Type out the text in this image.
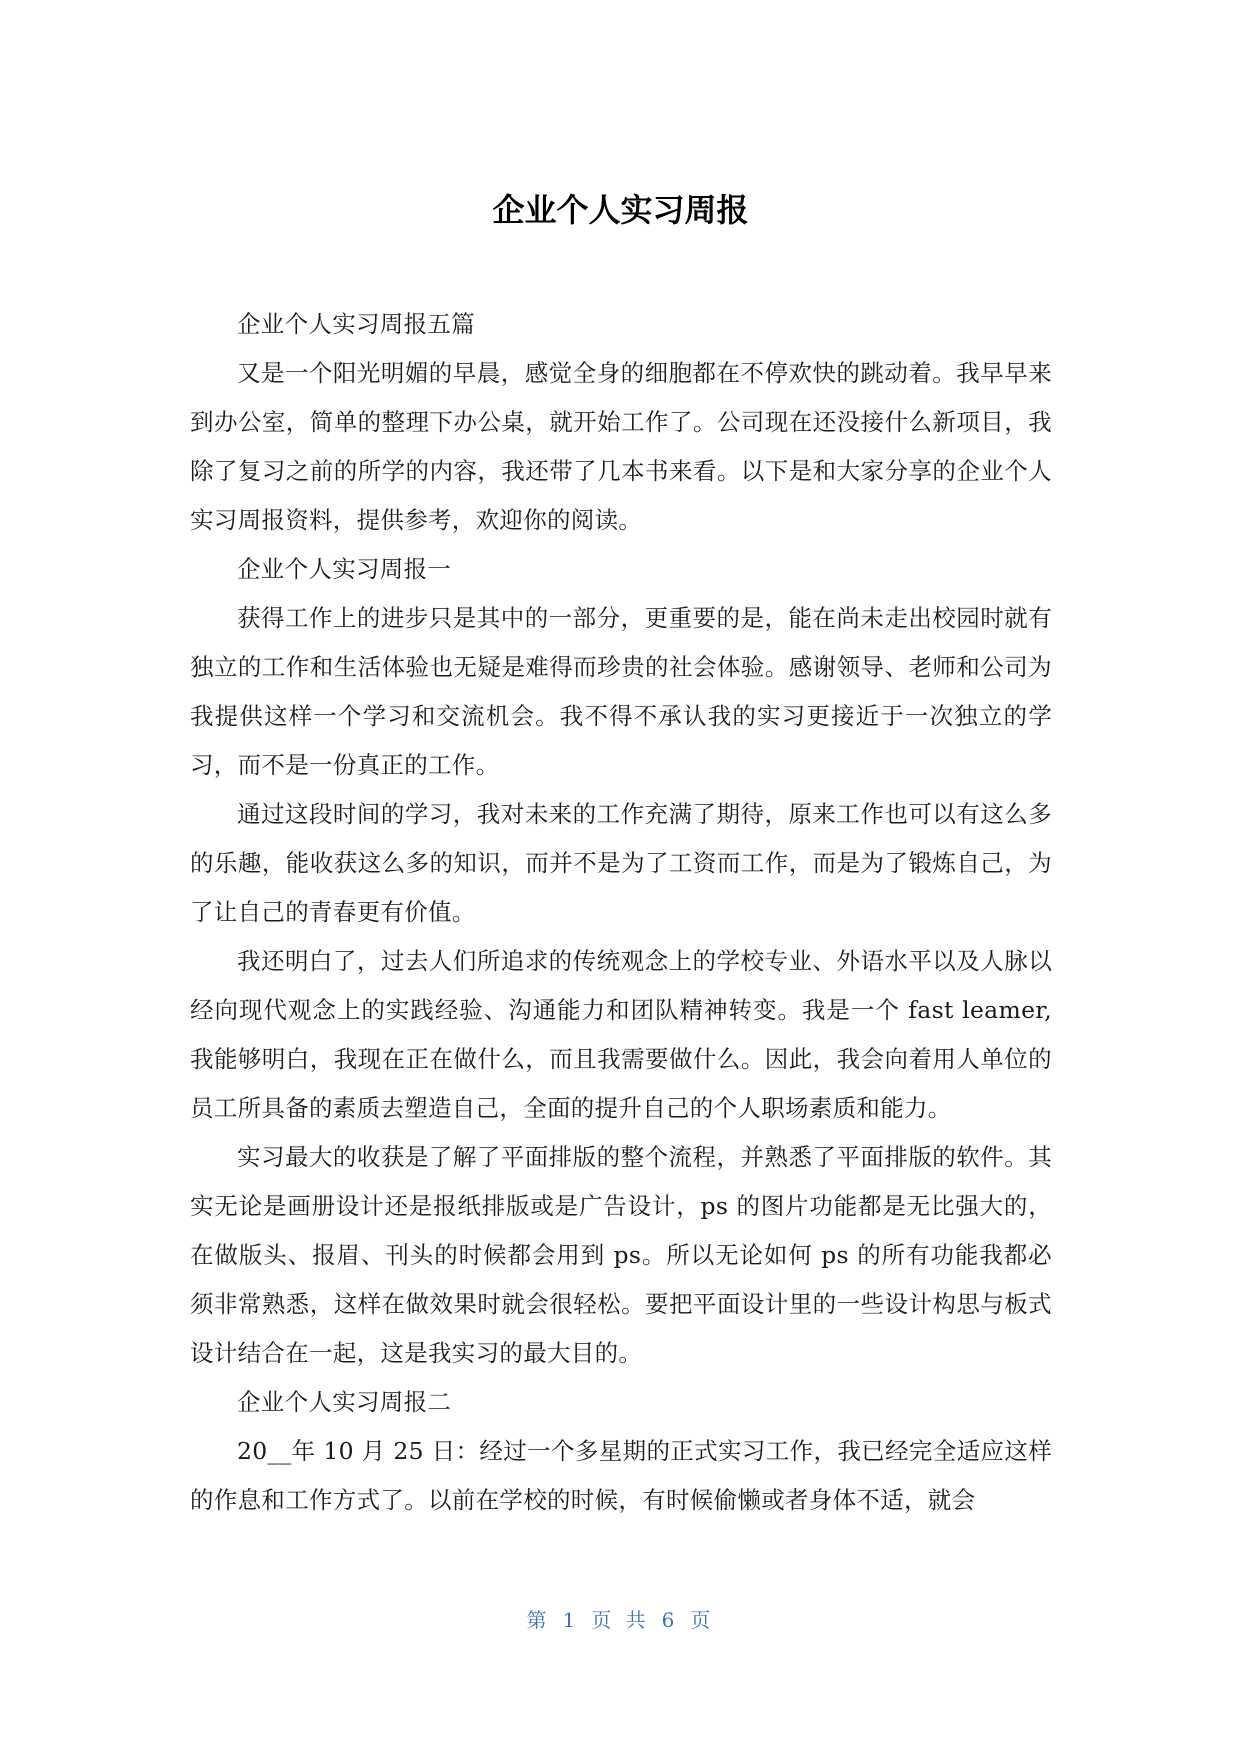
企业个人实习周报

企业个人实习周报五篇

又是一个阳光明媚的早晨，感觉全身的细胞都在不停欢快的跳动着。我早早来到办公室，简单的整理下办公桌，就开始工作了。公司现在还没接什么新项目，我除了复习之前的所学的内容，我还带了几本书来看。以下是和大家分享的企业个人实习周报资料，提供参考，欢迎你的阅读。

企业个人实习周报一

获得工作上的进步只是其中的一部分，更重要的是，能在尚未走出校园时就有独立的工作和生活体验也无疑是难得而珍贵的社会体验。感谢领导、老师和公司为我提供这样一个学习和交流机会。我不得不承认我的实习更接近于一次独立的学习，而不是一份真正的工作。

通过这段时间的学习，我对未来的工作充满了期待，原来工作也可以有这么多的乐趣，能收获这么多的知识，而并不是为了工资而工作，而是为了锻炼自己，为了让自己的青春更有价值。

我还明白了，过去人们所追求的传统观念上的学校专业、外语水平以及人脉以经向现代观念上的实践经验、沟通能力和团队精神转变。我是一个 fast leamer,我能够明白，我现在正在做什么，而且我需要做什么。因此，我会向着用人单位的员工所具备的素质去塑造自己，全面的提升自己的个人职场素质和能力。

实习最大的收获是了解了平面排版的整个流程，并熟悉了平面排版的软件。其实无论是画册设计还是报纸排版或是广告设计，ps 的图片功能都是无比强大的，在做版头、报眉、刊头的时候都会用到 ps。所以无论如何 ps 的所有功能我都必须非常熟悉，这样在做效果时就会很轻松。要把平面设计里的一些设计构思与板式设计结合在一起，这是我实习的最大目的。

企业个人实习周报二

20__年 10 月 25 日：经过一个多星期的正式实习工作，我已经完全适应这样的作息和工作方式了。以前在学校的时候，有时候偷懒或者身体不适，就会

第 1 页 共 6 页
